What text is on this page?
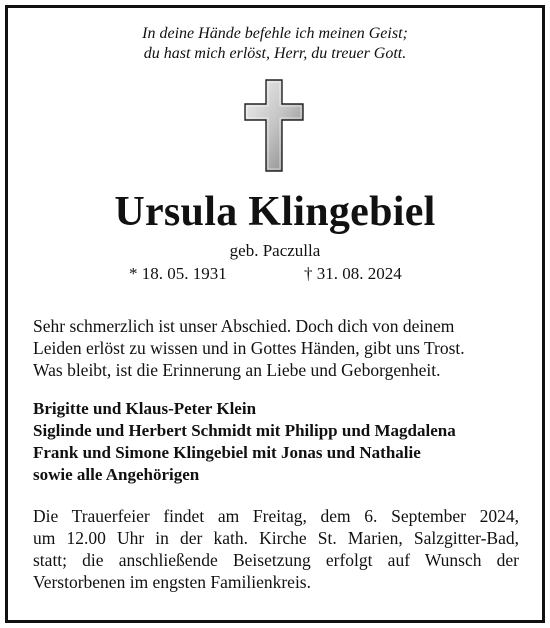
In deine Hände befehle ich meinen Geist;
du hast mich erlöst, Herr, du treuer Gott.
Ursula Klingebiel
geb. Paczulla
* 18. 05. 1931	† 31. 08. 2024
Sehr schmerzlich ist unser Abschied. Doch dich von deinem
Leiden erlöst zu wissen und in Gottes Händen, gibt uns Trost.
Was bleibt, ist die Erinnerung an Liebe und Geborgenheit.
Brigitte und Klaus-Peter Klein
Siglinde und Herbert Schmidt mit Philipp und Magdalena
Frank und Simone Klingebiel mit Jonas und Nathalie
sowie alle Angehörigen
Die Trauerfeier findet am Freitag, dem 6. September 2024,
um 12.00 Uhr in der kath. Kirche St. Marien, Salzgitter-Bad,
statt; die anschließende Beisetzung erfolgt auf Wunsch der
Verstorbenen im engsten Familienkreis.
